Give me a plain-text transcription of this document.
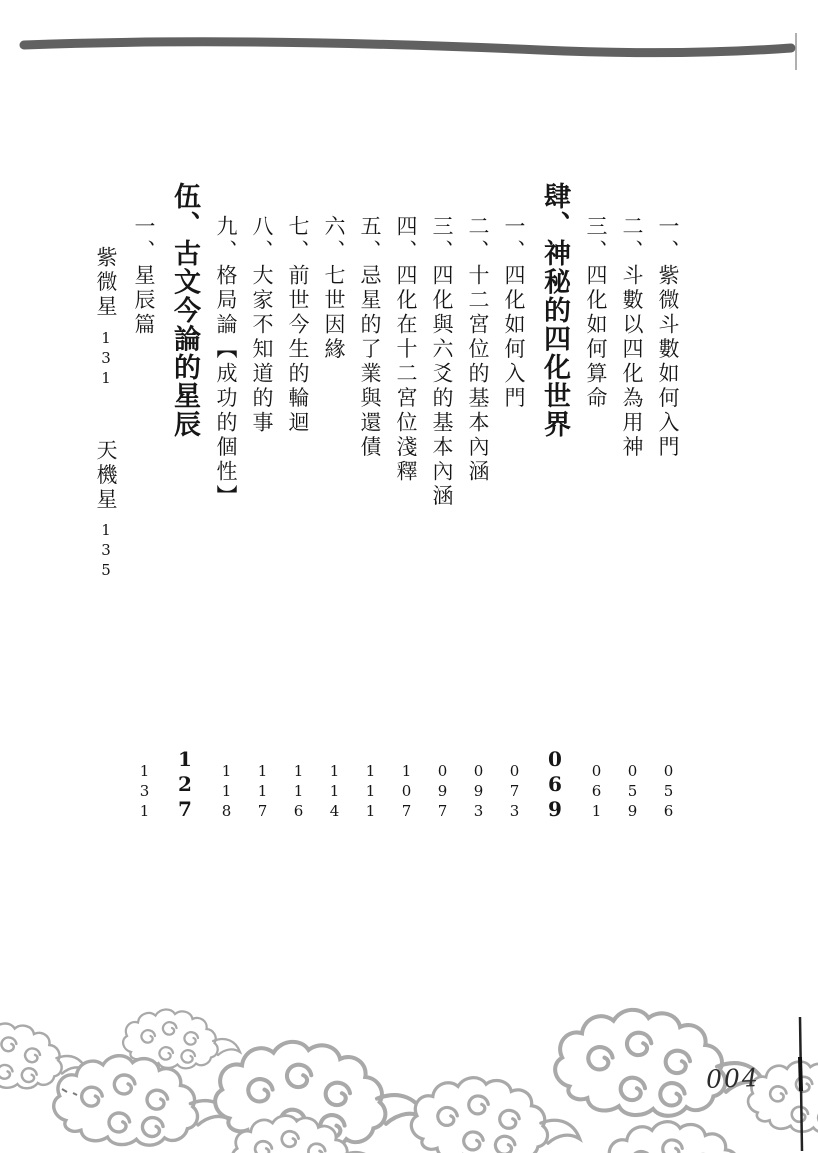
一、紫微斗數如何入門
056
二、斗數以四化為用神
059
三、四化如何算命
061
肆、神秘的四化世界
069
一、四化如何入門
073
二、十二宮位的基本內涵
093
三、四化與六爻的基本內涵
097
四、四化在十二宮位淺釋
107
五、忌星的了業與還債
111
六、七世因緣
114
七、前世今生的輪迴
116
八、大家不知道的事
117
九、格局論【成功的個性】
118
伍、古文今論的星辰
127
一、星辰篇
131
紫微星131天機星135
004
